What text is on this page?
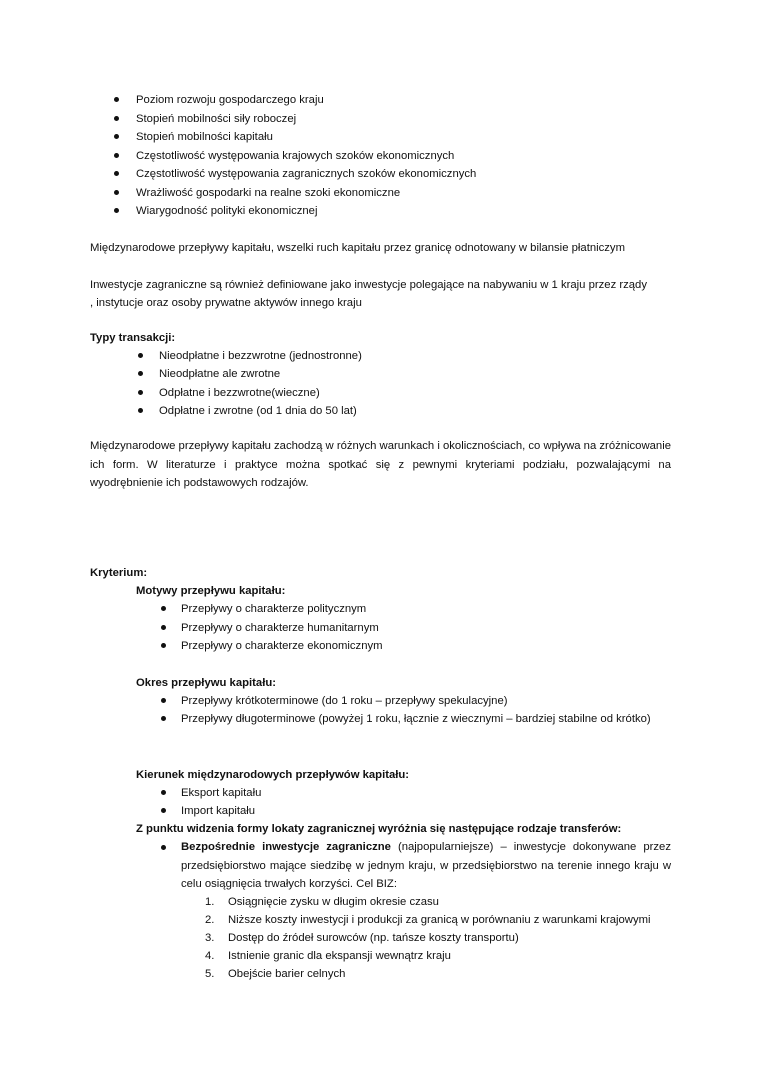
Poziom rozwoju gospodarczego kraju
Stopień mobilności siły roboczej
Stopień mobilności kapitału
Częstotliwość występowania krajowych szoków ekonomicznych
Częstotliwość występowania zagranicznych szoków ekonomicznych
Wrażliwość gospodarki na realne szoki ekonomiczne
Wiarygodność polityki ekonomicznej
Międzynarodowe przepływy kapitału, wszelki ruch kapitału przez granicę odnotowany w bilansie płatniczym
Inwestycje zagraniczne są również definiowane jako inwestycje polegające na nabywaniu w 1 kraju przez rządy
, instytucje oraz osoby prywatne aktywów innego kraju
Typy transakcji:
Nieodpłatne i bezzwrotne (jednostronne)
Nieodpłatne ale zwrotne
Odpłatne i bezzwrotne(wieczne)
Odpłatne i zwrotne (od 1 dnia do 50 lat)
Międzynarodowe przepływy kapitału zachodzą w różnych warunkach i okolicznościach, co wpływa na zróżnicowanie ich form. W literaturze i praktyce można spotkać się z pewnymi kryteriami podziału, pozwalającymi na wyodrębnienie ich podstawowych rodzajów.
Kryterium:
Motywy przepływu kapitału:
Przepływy o charakterze politycznym
Przepływy o charakterze humanitarnym
Przepływy o charakterze ekonomicznym
Okres przepływu kapitału:
Przepływy krótkoterminowe (do 1 roku – przepływy spekulacyjne)
Przepływy długoterminowe (powyżej 1 roku, łącznie z wiecznymi – bardziej stabilne od krótko)
Kierunek międzynarodowych przepływów kapitału:
Eksport kapitału
Import kapitału
Z punktu widzenia formy lokaty zagranicznej wyróżnia się następujące rodzaje transferów:
Bezpośrednie inwestycje zagraniczne (najpopularniejsze) – inwestycje dokonywane przez przedsiębiorstwo mające siedzibę w jednym kraju, w przedsiębiorstwo na terenie innego kraju w celu osiągnięcia trwałych korzyści. Cel BIZ:
1. Osiągnięcie zysku w długim okresie czasu
2. Niższe koszty inwestycji i produkcji za granicą w porównaniu z warunkami krajowymi
3. Dostęp do źródeł surowców (np. tańsze koszty transportu)
4. Istnienie granic dla ekspansji wewnątrz kraju
5. Obejście barier celnych
